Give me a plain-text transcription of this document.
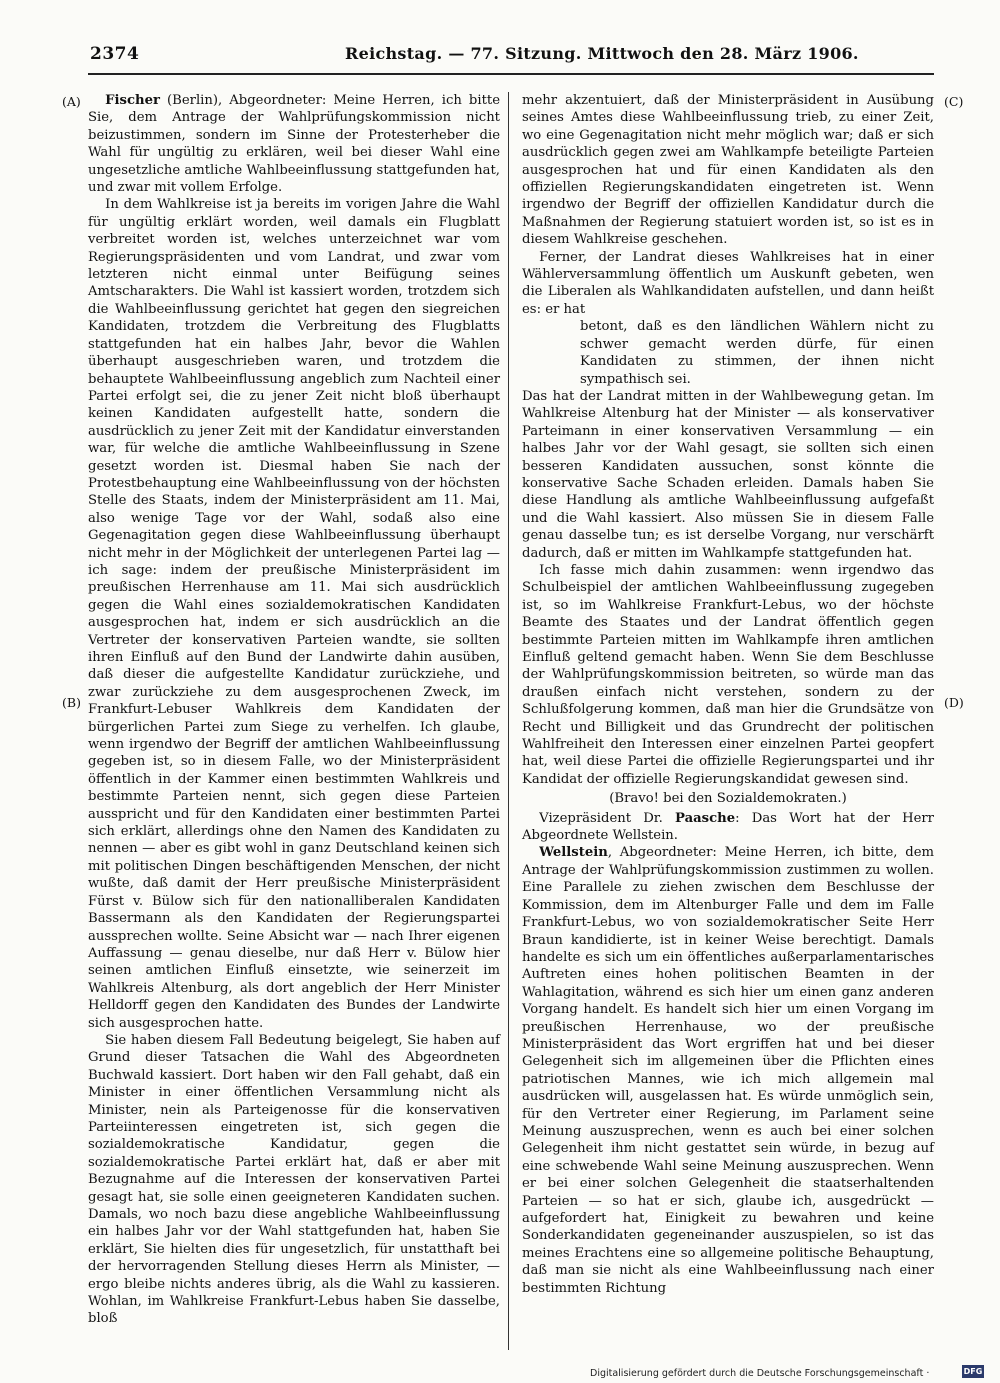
2374	Reichstag. — 77. Sitzung. Mittwoch den 28. März 1906.
(A)
(B)
(C)
(D)

Fischer (Berlin), Abgeordneter: Meine Herren, ich bitte Sie, dem Antrage der Wahlprüfungskommission nicht beizustimmen, sondern im Sinne der Protesterheber die Wahl für ungültig zu erklären, weil bei dieser Wahl eine ungesetzliche amtliche Wahlbeeinflussung stattgefunden hat, und zwar mit vollem Erfolge.

In dem Wahlkreise ist ja bereits im vorigen Jahre die Wahl für ungültig erklärt worden, weil damals ein Flugblatt verbreitet worden ist, welches unterzeichnet war vom Regierungspräsidenten und vom Landrat, und zwar vom letzteren nicht einmal unter Beifügung seines Amtscharakters. Die Wahl ist kassiert worden, trotzdem sich die Wahlbeeinflussung gerichtet hat gegen den siegreichen Kandidaten, trotzdem die Verbreitung des Flugblatts stattgefunden hat ein halbes Jahr, bevor die Wahlen überhaupt ausgeschrieben waren, und trotzdem die behauptete Wahlbeeinflussung angeblich zum Nachteil einer Partei erfolgt sei, die zu jener Zeit nicht bloß überhaupt keinen Kandidaten aufgestellt hatte, sondern die ausdrücklich zu jener Zeit mit der Kandidatur einverstanden war, für welche die amtliche Wahlbeeinflussung in Szene gesetzt worden ist. Diesmal haben Sie nach der Protestbehauptung eine Wahlbeeinflussung von der höchsten Stelle des Staats, indem der Ministerpräsident am 11. Mai, also wenige Tage vor der Wahl, sodaß also eine Gegenagitation gegen diese Wahlbeeinflussung überhaupt nicht mehr in der Möglichkeit der unterlegenen Partei lag — ich sage: indem der preußische Ministerpräsident im preußischen Herrenhause am 11. Mai sich ausdrücklich gegen die Wahl eines sozialdemokratischen Kandidaten ausgesprochen hat, indem er sich ausdrücklich an die Vertreter der konservativen Parteien wandte, sie sollten ihren Einfluß auf den Bund der Landwirte dahin ausüben, daß dieser die aufgestellte Kandidatur zurückziehe, und zwar zurückziehe zu dem ausgesprochenen Zweck, im Frankfurt-Lebuser Wahlkreis dem Kandidaten der bürgerlichen Partei zum Siege zu verhelfen. Ich glaube, wenn irgendwo der Begriff der amtlichen Wahlbeeinflussung gegeben ist, so in diesem Falle, wo der Ministerpräsident öffentlich in der Kammer einen bestimmten Wahlkreis und bestimmte Parteien nennt, sich gegen diese Parteien ausspricht und für den Kandidaten einer bestimmten Partei sich erklärt, allerdings ohne den Namen des Kandidaten zu nennen — aber es gibt wohl in ganz Deutschland keinen sich mit politischen Dingen beschäftigenden Menschen, der nicht wußte, daß damit der Herr preußische Ministerpräsident Fürst v. Bülow sich für den nationalliberalen Kandidaten Bassermann als den Kandidaten der Regierungspartei aussprechen wollte. Seine Absicht war — nach Ihrer eigenen Auffassung — genau dieselbe, nur daß Herr v. Bülow hier seinen amtlichen Einfluß einsetzte, wie seinerzeit im Wahlkreis Altenburg, als dort angeblich der Herr Minister Helldorff gegen den Kandidaten des Bundes der Landwirte sich ausgesprochen hatte.

Sie haben diesem Fall Bedeutung beigelegt, Sie haben auf Grund dieser Tatsachen die Wahl des Abgeordneten Buchwald kassiert. Dort haben wir den Fall gehabt, daß ein Minister in einer öffentlichen Versammlung nicht als Minister, nein als Parteigenosse für die konservativen Parteiinteressen eingetreten ist, sich gegen die sozialdemokratische Kandidatur, gegen die sozialdemokratische Partei erklärt hat, daß er aber mit Bezugnahme auf die Interessen der konservativen Partei gesagt hat, sie solle einen geeigneteren Kandidaten suchen. Damals, wo noch bazu diese angebliche Wahlbeeinflussung ein halbes Jahr vor der Wahl stattgefunden hat, haben Sie erklärt, Sie hielten dies für ungesetzlich, für unstatthaft bei der hervorragenden Stellung dieses Herrn als Minister, — ergo bleibe nichts anderes übrig, als die Wahl zu kassieren. Wohlan, im Wahlkreise Frankfurt-Lebus haben Sie dasselbe, bloß

mehr akzentuiert, daß der Ministerpräsident in Ausübung seines Amtes diese Wahlbeeinflussung trieb, zu einer Zeit, wo eine Gegenagitation nicht mehr möglich war; daß er sich ausdrücklich gegen zwei am Wahlkampfe beteiligte Parteien ausgesprochen hat und für einen Kandidaten als den offiziellen Regierungskandidaten eingetreten ist. Wenn irgendwo der Begriff der offiziellen Kandidatur durch die Maßnahmen der Regierung statuiert worden ist, so ist es in diesem Wahlkreise geschehen.

Ferner, der Landrat dieses Wahlkreises hat in einer Wählerversammlung öffentlich um Auskunft gebeten, wen die Liberalen als Wahlkandidaten aufstellen, und dann heißt es: er hat

betont, daß es den ländlichen Wählern nicht zu schwer gemacht werden dürfe, für einen Kandidaten zu stimmen, der ihnen nicht sympathisch sei.

Das hat der Landrat mitten in der Wahlbewegung getan. Im Wahlkreise Altenburg hat der Minister — als konservativer Parteimann in einer konservativen Versammlung — ein halbes Jahr vor der Wahl gesagt, sie sollten sich einen besseren Kandidaten aussuchen, sonst könnte die konservative Sache Schaden erleiden. Damals haben Sie diese Handlung als amtliche Wahlbeeinflussung aufgefaßt und die Wahl kassiert. Also müssen Sie in diesem Falle genau dasselbe tun; es ist derselbe Vorgang, nur verschärft dadurch, daß er mitten im Wahlkampfe stattgefunden hat.

Ich fasse mich dahin zusammen: wenn irgendwo das Schulbeispiel der amtlichen Wahlbeeinflussung zugegeben ist, so im Wahlkreise Frankfurt-Lebus, wo der höchste Beamte des Staates und der Landrat öffentlich gegen bestimmte Parteien mitten im Wahlkampfe ihren amtlichen Einfluß geltend gemacht haben. Wenn Sie dem Beschlusse der Wahlprüfungskommission beitreten, so würde man das draußen einfach nicht verstehen, sondern zu der Schlußfolgerung kommen, daß man hier die Grundsätze von Recht und Billigkeit und das Grundrecht der politischen Wahlfreiheit den Interessen einer einzelnen Partei geopfert hat, weil diese Partei die offizielle Regierungspartei und ihr Kandidat der offizielle Regierungskandidat gewesen sind.

(Bravo! bei den Sozialdemokraten.)

Vizepräsident Dr. Paasche: Das Wort hat der Herr Abgeordnete Wellstein.

Wellstein, Abgeordneter: Meine Herren, ich bitte, dem Antrage der Wahlprüfungskommission zustimmen zu wollen. Eine Parallele zu ziehen zwischen dem Beschlusse der Kommission, dem im Altenburger Falle und dem im Falle Frankfurt-Lebus, wo von sozialdemokratischer Seite Herr Braun kandidierte, ist in keiner Weise berechtigt. Damals handelte es sich um ein öffentliches außerparlamentarisches Auftreten eines hohen politischen Beamten in der Wahlagitation, während es sich hier um einen ganz anderen Vorgang handelt. Es handelt sich hier um einen Vorgang im preußischen Herrenhause, wo der preußische Ministerpräsident das Wort ergriffen hat und bei dieser Gelegenheit sich im allgemeinen über die Pflichten eines patriotischen Mannes, wie ich mich allgemein mal ausdrücken will, ausgelassen hat. Es würde unmöglich sein, für den Vertreter einer Regierung, im Parlament seine Meinung auszusprechen, wenn es auch bei einer solchen Gelegenheit ihm nicht gestattet sein würde, in bezug auf eine schwebende Wahl seine Meinung auszusprechen. Wenn er bei einer solchen Gelegenheit die staatserhaltenden Parteien — so hat er sich, glaube ich, ausgedrückt — aufgefordert hat, Einigkeit zu bewahren und keine Sonderkandidaten gegeneinander auszuspielen, so ist das meines Erachtens eine so allgemeine politische Behauptung, daß man sie nicht als eine Wahlbeeinflussung nach einer bestimmten Richtung

Digitalisierung gefördert durch die Deutsche Forschungsgemeinschaft ·	DFG
